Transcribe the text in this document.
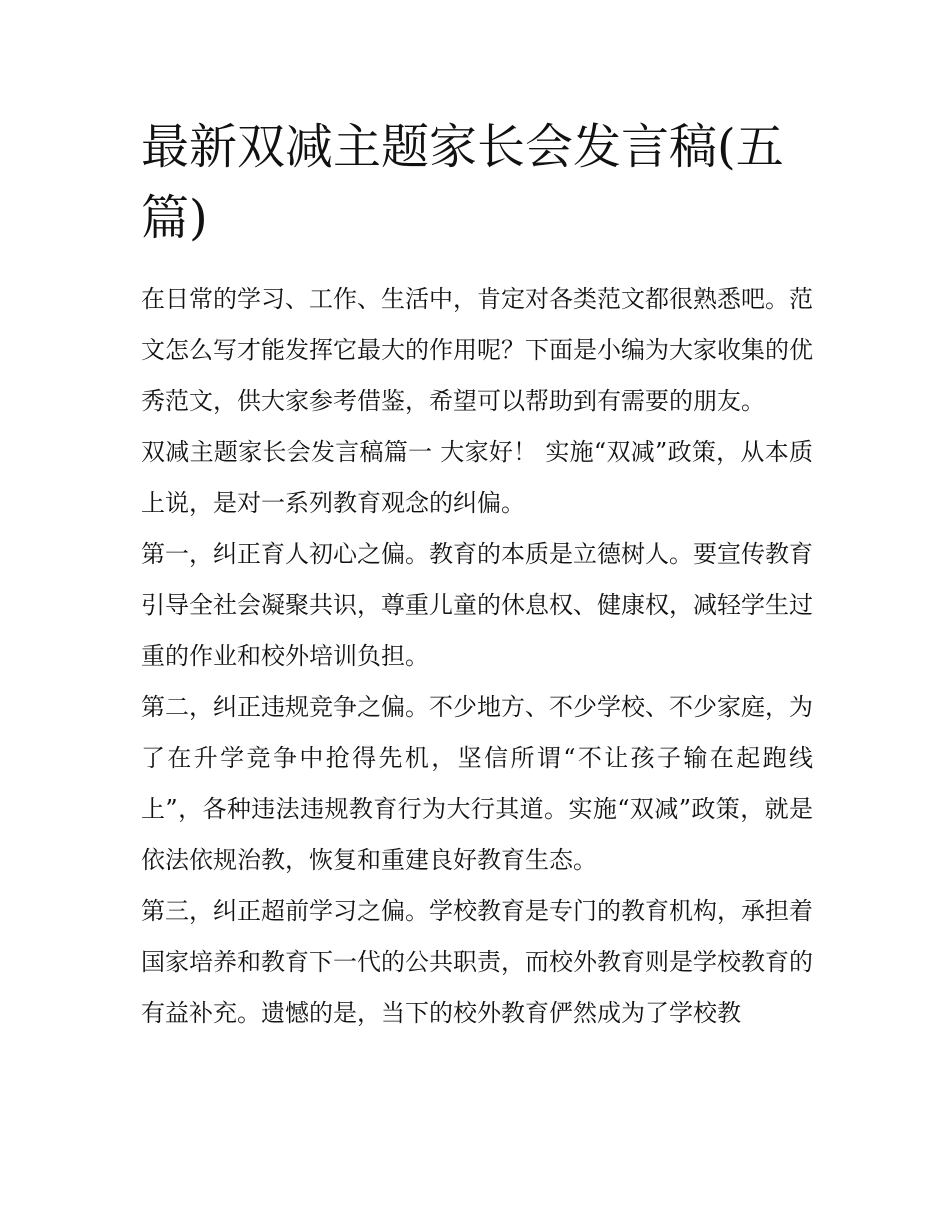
最新双减主题家长会发言稿(五篇)

在日常的学习、工作、生活中，肯定对各类范文都很熟悉吧。范文怎么写才能发挥它最大的作用呢？下面是小编为大家收集的优秀范文，供大家参考借鉴，希望可以帮助到有需要的朋友。

双减主题家长会发言稿篇一 大家好！ 实施“双减”政策，从本质上说，是对一系列教育观念的纠偏。

第一，纠正育人初心之偏。教育的本质是立德树人。要宣传教育引导全社会凝聚共识，尊重儿童的休息权、健康权，减轻学生过重的作业和校外培训负担。

第二，纠正违规竞争之偏。不少地方、不少学校、不少家庭，为了在升学竞争中抢得先机，坚信所谓“不让孩子输在起跑线上”，各种违法违规教育行为大行其道。实施“双减”政策，就是依法依规治教，恢复和重建良好教育生态。

第三，纠正超前学习之偏。学校教育是专门的教育机构，承担着国家培养和教育下一代的公共职责，而校外教育则是学校教育的有益补充。遗憾的是，当下的校外教育俨然成为了学校教
